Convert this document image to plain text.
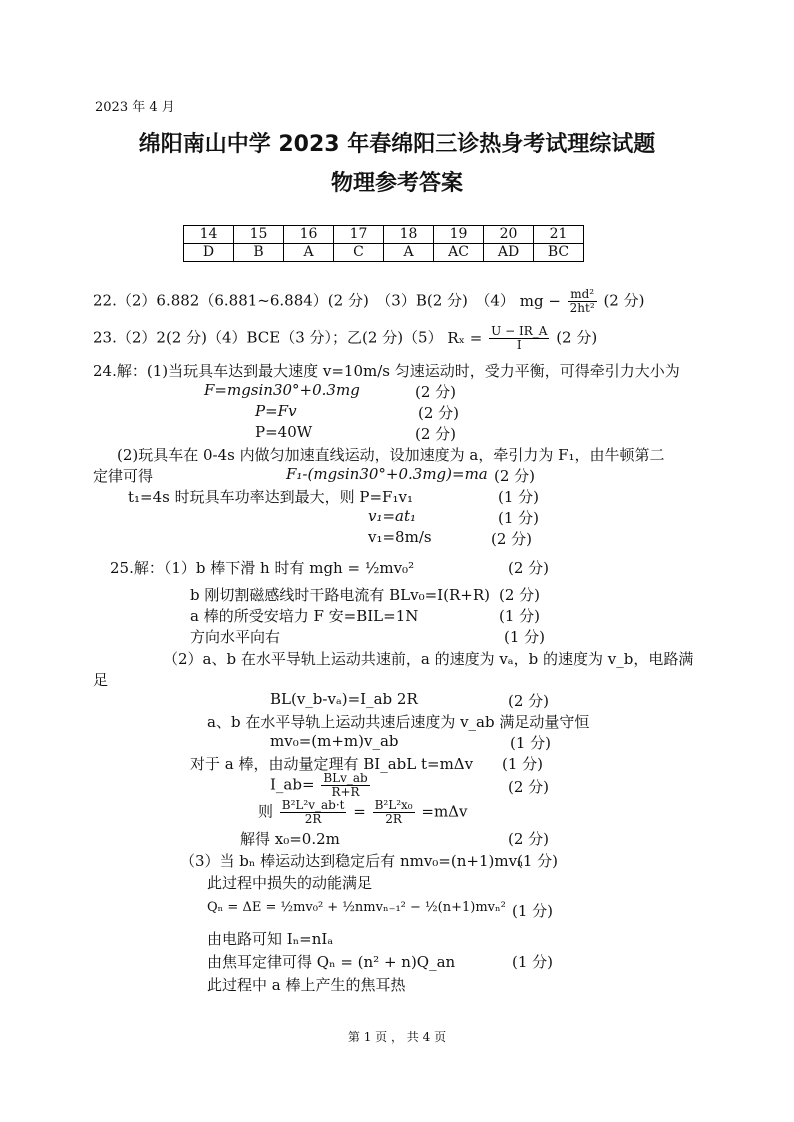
2023 年 4 月
绵阳南山中学 2023 年春绵阳三诊热身考试理综试题
物理参考答案
14	15	16	17	18	19	20	21
D	B	A	C	A	AC	AD	BC
22.（2）6.882（6.881~6.884）(2 分)　（3）B(2 分)　（4） mg − $\frac{\text{md²}}{\text{2ht²}} (2$ 分)
23.（2）2(2 分)（4）BCE（3 分）；乙(2 分)（5） $R_x = \frac{U - IR\_A}{I} (2$ 分)
24.解：(1)当玩具车达到最大速度 v=10m/s 匀速运动时，受力平衡，可得牵引力大小为
F=mgsin30°+0.3mg	(2 分)
P=Fv	(2 分)
P=40W	(2 分)
(2)玩具车在 0-4s 内做匀加速直线运动，设加速度为 a，牵引力为 F₁，由牛顿第二
定律可得	F₁-(mgsin30°+0.3mg)=ma (2 分)
t₁=4s 时玩具车功率达到最大，则 P=F₁v₁	(1 分)
v₁=at₁	(1 分)
v₁=8m/s	(2 分)
25.解：（1）b 棒下滑 h 时有 mgh = ½mv₀²	(2 分)
b 刚切割磁感线时干路电流有 BLv₀=I(R+R) (2 分)
a 棒的所受安培力 F 安=BIL=1N	(1 分)
方向水平向右	(1 分)
（2）a、b 在水平导轨上运动共速前，a 的速度为 vₐ，b 的速度为 v_b，电路满
足
BL(v_b-vₐ)=I_ab 2R	(2 分)
a、b 在水平导轨上运动共速后速度为 v_ab 满足动量守恒
mv₀=(m+m)v_ab	(1 分)
对于 a 棒，由动量定理有 BI_abL t=mΔv (1 分)
I_ab= $\frac{\text{BLv\_ab}}{R+R}$	(2 分)
则 $\frac{\text{B²L²v\_ab·t}}{2R} = \frac{\text{B²L²x₀}}{2R} =m\Delta v$
解得 x₀=0.2m	(2 分)
（3）当 bₙ 棒运动达到稳定后有 nmv₀=(n+1)mvₙ
(1 分)
此过程中损失的动能满足
Qₙ = ΔE = ½mv₀² + ½nmvₙ₋₁² − ½(n+1)mvₙ² (1 分)
由电路可知 Iₙ=nIₐ
由焦耳定律可得 Qₙ = (n² + n)Q_an	(1 分)
此过程中 a 棒上产生的焦耳热
第 1 页 ， 共 4 页
